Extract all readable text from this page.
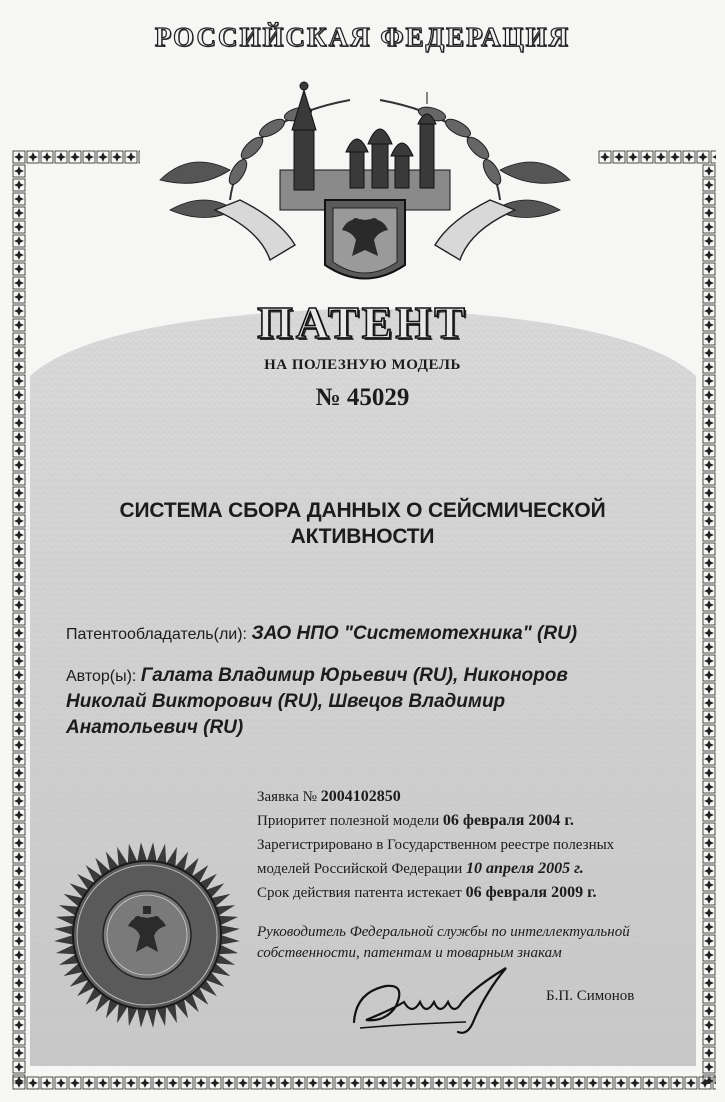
РОССИЙСКАЯ ФЕДЕРАЦИЯ
ПАТЕНТ
НА ПОЛЕЗНУЮ МОДЕЛЬ
№ 45029
СИСТЕМА СБОРА ДАННЫХ О СЕЙСМИЧЕСКОЙ
АКТИВНОСТИ
Патентообладатель(ли): ЗАО НПО "Системотехника" (RU)
Автор(ы): Галата Владимир Юрьевич (RU), Никоноров
Николай Викторович (RU), Швецов Владимир
Анатольевич (RU)
Заявка № 2004102850
Приоритет полезной модели 06 февраля 2004 г.
Зарегистрировано в Государственном реестре полезных
моделей Российской Федерации 10 апреля 2005 г.
Срок действия патента истекает 06 февраля 2009 г.
Руководитель Федеральной службы по интеллектуальной
собственности, патентам и товарным знакам
Б.П. Симонов
